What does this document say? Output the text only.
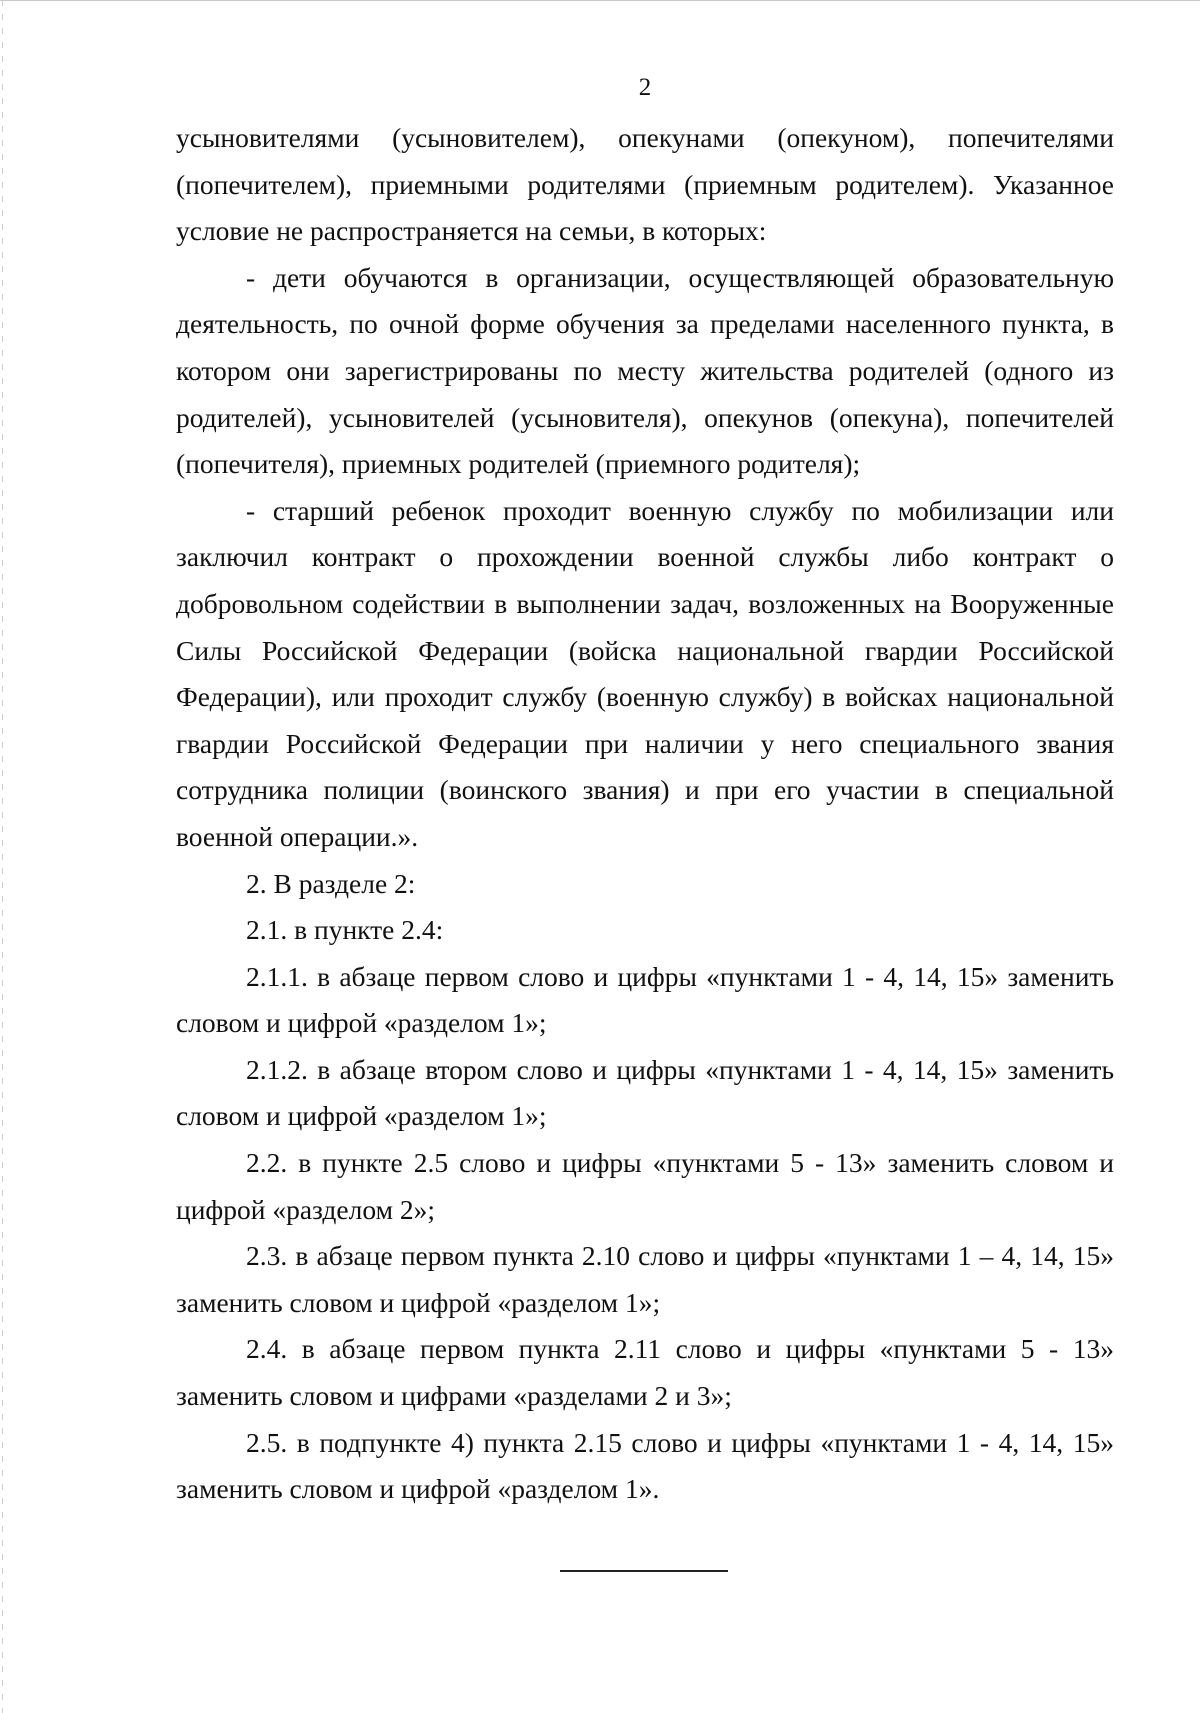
2

усыновителями (усыновителем), опекунами (опекуном), попечителями (попечителем), приемными родителями (приемным родителем). Указанное условие не распространяется на семьи, в которых:

- дети обучаются в организации, осуществляющей образовательную деятельность, по очной форме обучения за пределами населенного пункта, в котором они зарегистрированы по месту жительства родителей (одного из родителей), усыновителей (усыновителя), опекунов (опекуна), попечителей (попечителя), приемных родителей (приемного родителя);

- старший ребенок проходит военную службу по мобилизации или заключил контракт о прохождении военной службы либо контракт о добровольном содействии в выполнении задач, возложенных на Вооруженные Силы Российской Федерации (войска национальной гвардии Российской Федерации), или проходит службу (военную службу) в войсках национальной гвардии Российской Федерации при наличии у него специального звания сотрудника полиции (воинского звания) и при его участии в специальной военной операции.».

2. В разделе 2:

2.1. в пункте 2.4:

2.1.1. в абзаце первом слово и цифры «пунктами 1 - 4, 14, 15» заменить словом и цифрой «разделом 1»;

2.1.2. в абзаце втором слово и цифры «пунктами 1 - 4, 14, 15» заменить словом и цифрой «разделом 1»;

2.2. в пункте 2.5 слово и цифры «пунктами 5 - 13» заменить словом и цифрой «разделом 2»;

2.3. в абзаце первом пункта 2.10 слово и цифры «пунктами 1 – 4, 14, 15» заменить словом и цифрой «разделом 1»;

2.4. в абзаце первом пункта 2.11 слово и цифры «пунктами 5 - 13» заменить словом и цифрами «разделами 2 и 3»;

2.5. в подпункте 4) пункта 2.15 слово и цифры «пунктами 1 - 4, 14, 15» заменить словом и цифрой «разделом 1».
